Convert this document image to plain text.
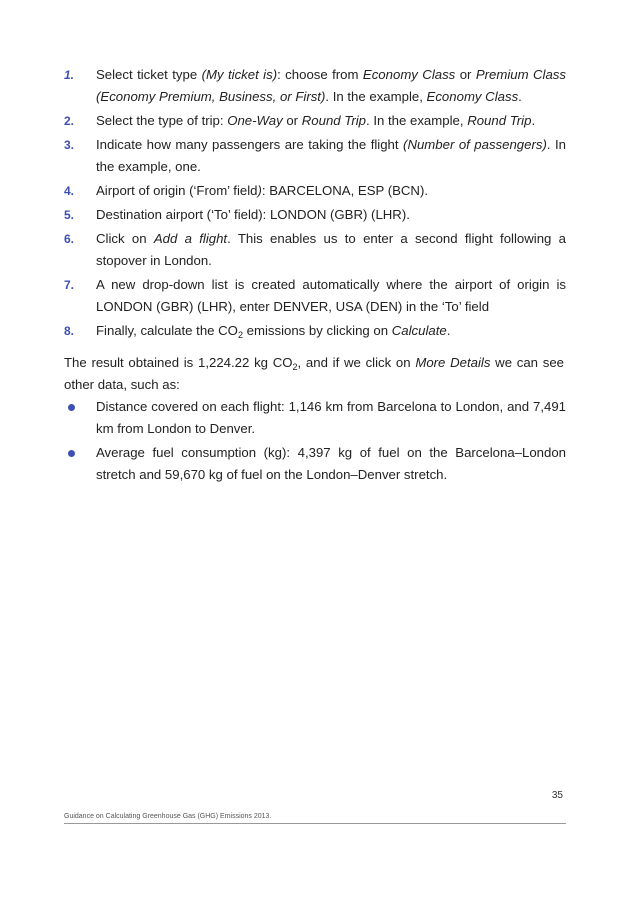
1. Select ticket type (My ticket is): choose from Economy Class or Premium Class (Economy Premium, Business, or First). In the example, Economy Class.
2. Select the type of trip: One-Way or Round Trip. In the example, Round Trip.
3. Indicate how many passengers are taking the flight (Number of passengers). In the example, one.
4. Airport of origin (‘From’ field): BARCELONA, ESP (BCN).
5. Destination airport (‘To’ field): LONDON (GBR) (LHR).
6. Click on Add a flight. This enables us to enter a second flight following a stopover in London.
7. A new drop-down list is created automatically where the airport of origin is LONDON (GBR) (LHR), enter DENVER, USA (DEN) in the ‘To’ field
8. Finally, calculate the $CO_2$ emissions by clicking on Calculate.

The result obtained is 1,224.22 kg $CO_2$, and if we click on More Details we can see other data, such as:

Distance covered on each flight: 1,146 km from Barcelona to London, and 7,491 km from London to Denver.
Average fuel consumption (kg): 4,397 kg of fuel on the Barcelona–London stretch and 59,670 kg of fuel on the London–Denver stretch.
35
Guidance on Calculating Greenhouse Gas (GHG) Emissions 2013.
